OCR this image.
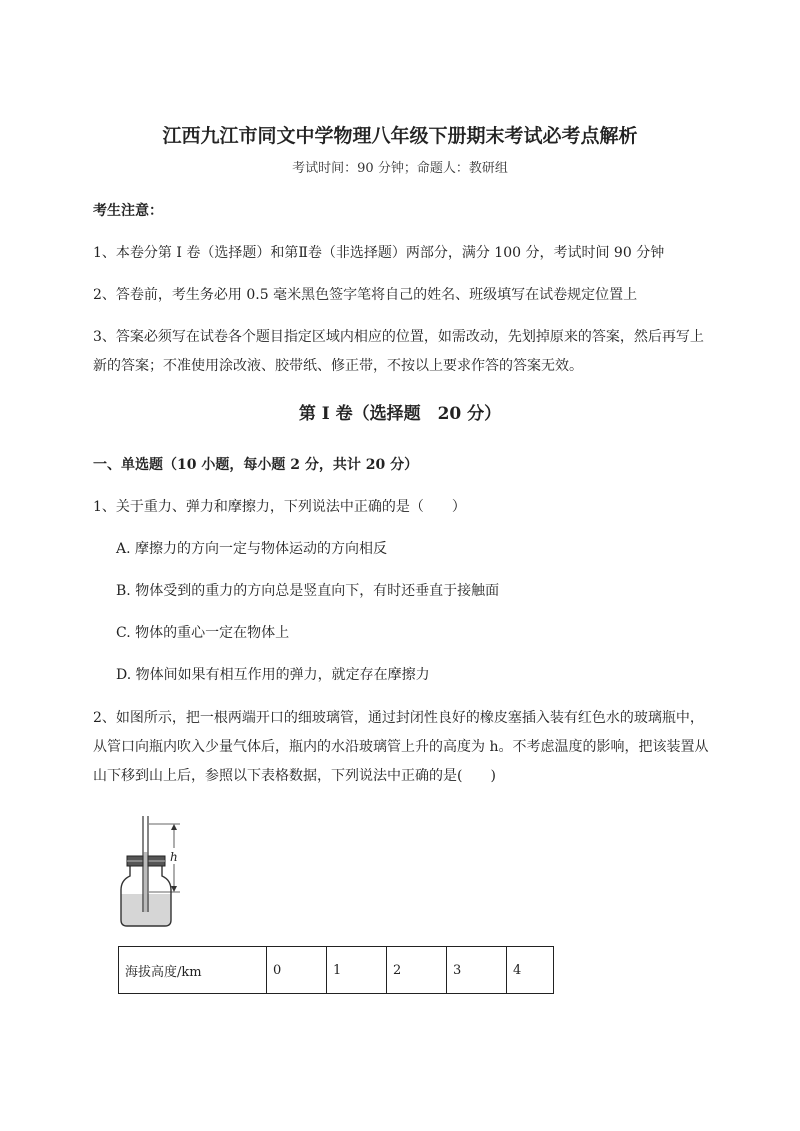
江西九江市同文中学物理八年级下册期末考试必考点解析
考试时间：90 分钟；命题人：教研组
考生注意：
1、本卷分第 I 卷（选择题）和第Ⅱ卷（非选择题）两部分，满分 100 分，考试时间 90 分钟
2、答卷前，考生务必用 0.5 毫米黑色签字笔将自己的姓名、班级填写在试卷规定位置上
3、答案必须写在试卷各个题目指定区域内相应的位置，如需改动，先划掉原来的答案，然后再写上新的答案；不准使用涂改液、胶带纸、修正带，不按以上要求作答的答案无效。
第 I 卷（选择题　20 分）
一、单选题（10 小题，每小题 2 分，共计 20 分）
1、关于重力、弹力和摩擦力，下列说法中正确的是（　　）
A. 摩擦力的方向一定与物体运动的方向相反
B. 物体受到的重力的方向总是竖直向下，有时还垂直于接触面
C. 物体的重心一定在物体上
D. 物体间如果有相互作用的弹力，就定存在摩擦力
2、如图所示，把一根两端开口的细玻璃管，通过封闭性良好的橡皮塞插入装有红色水的玻璃瓶中，从管口向瓶内吹入少量气体后，瓶内的水沿玻璃管上升的高度为 h。不考虑温度的影响，把该装置从山下移到山上后，参照以下表格数据，下列说法中正确的是(　　)
h
海拔高度/km	0	1	2	3	4
